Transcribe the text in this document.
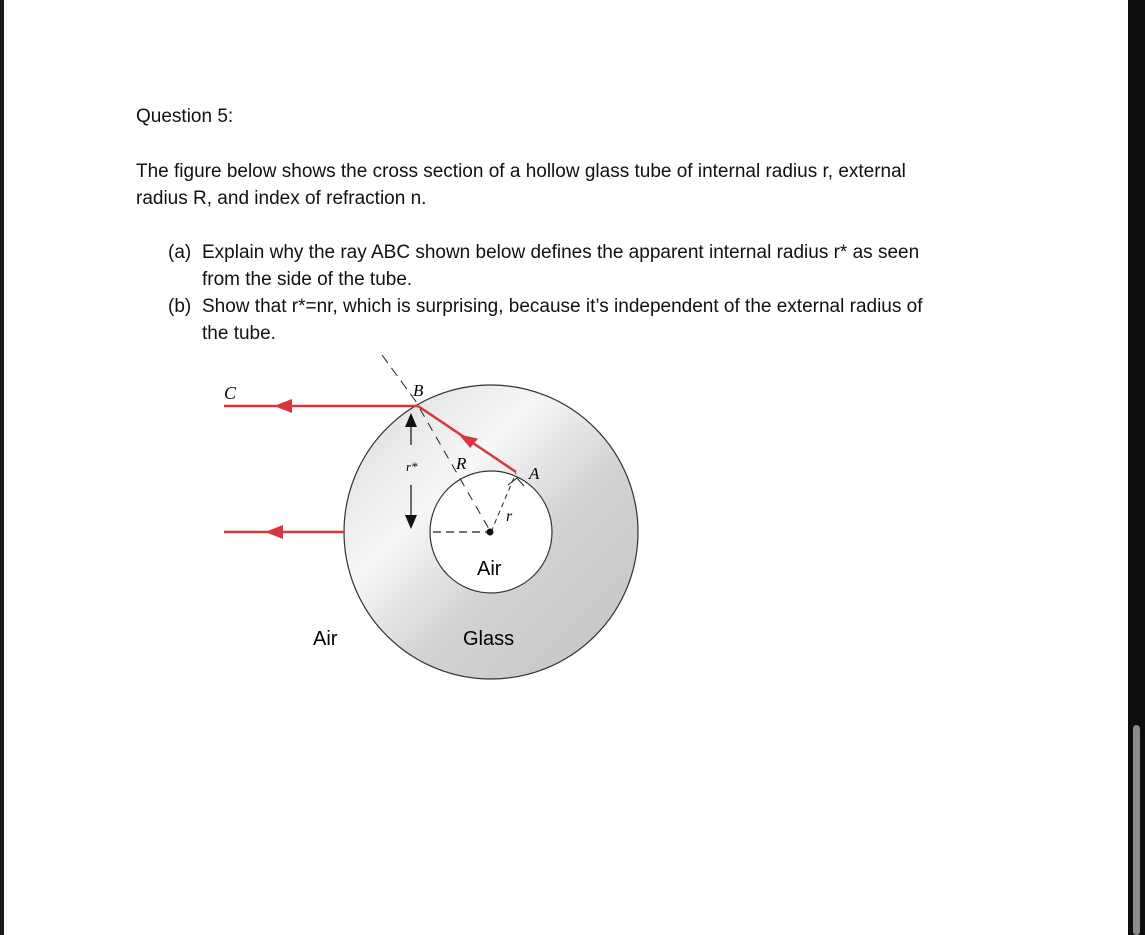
Question 5:
The figure below shows the cross section of a hollow glass tube of internal radius r, external
radius R, and index of refraction n.
(a) Explain why the ray ABC shown below defines the apparent internal radius r* as seen
from the side of the tube.
(b) Show that r*=nr, which is surprising, because it’s independent of the external radius of
the tube.
C	B
A
R
r
r*
Air
Air	Glass
